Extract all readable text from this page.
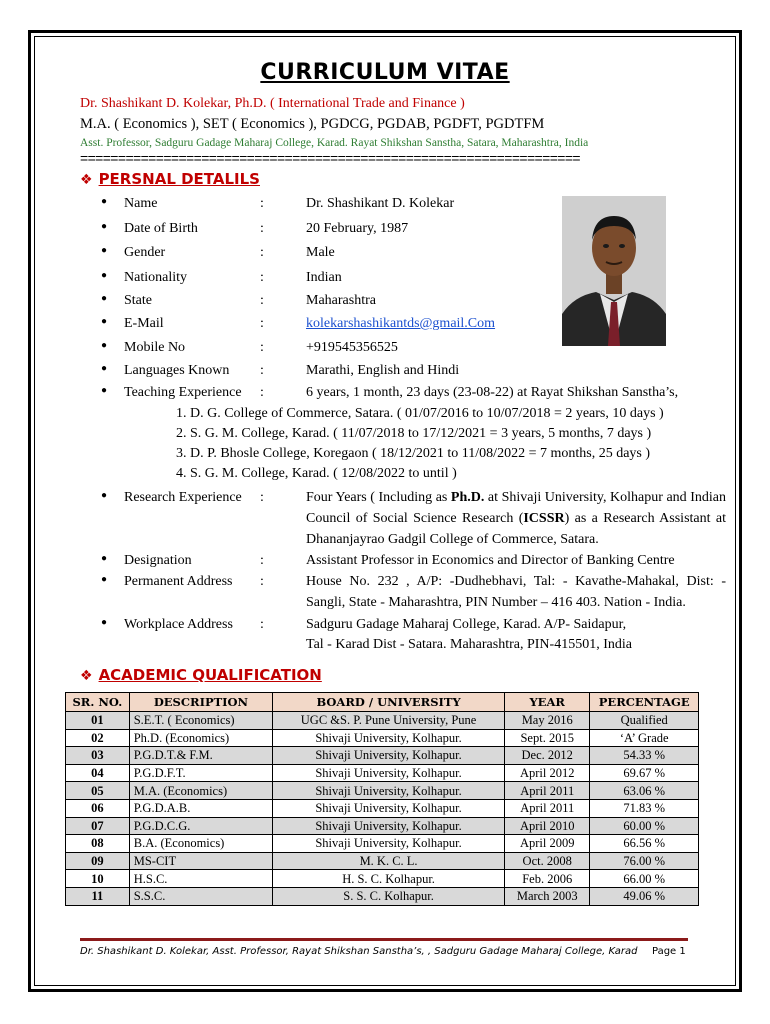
CURRICULUM VITAE
Dr. Shashikant D. Kolekar, Ph.D. ( International Trade and Finance )
M.A. ( Economics ), SET ( Economics ), PGDCG, PGDAB, PGDFT, PGDTFM
Asst. Professor, Sadguru Gadage Maharaj College, Karad. Rayat Shikshan Sanstha, Satara, Maharashtra, India
==================================================================
❖ PERSNAL DETALILS
● Name	:	Dr. Shashikant D. Kolekar
● Date of Birth	:	20 February, 1987
● Gender	:	Male
● Nationality	:	Indian
● State	:	Maharashtra
● E-Mail	:	kolekarshashikantds@gmail.Com
● Mobile No	:	+919545356525
● Languages Known :	Marathi, English and Hindi
● Teaching Experience :	6 years, 1 month, 23 days (23-08-22) at Rayat Shikshan Sanstha’s,
1. D. G. College of Commerce, Satara. ( 01/07/2016 to 10/07/2018 = 2 years, 10 days )
2. S. G. M. College, Karad. ( 11/07/2018 to 17/12/2021 = 3 years, 5 months, 7 days )
3. D. P. Bhosle College, Koregaon ( 18/12/2021 to 11/08/2022 = 7 months, 25 days )
4. S. G. M. College, Karad. ( 12/08/2022 to until )
● Research Experience :	Four Years ( Including as Ph.D. at Shivaji University, Kolhapur and Indian Council of Social Science Research (ICSSR) as a Research Assistant at Dhananjayrao Gadgil College of Commerce, Satara.
● Designation	:	Assistant Professor in Economics and Director of Banking Centre
● Permanent Address :	House No. 232 , A/P: -Dudhebhavi, Tal: - Kavathe-Mahakal, Dist: - Sangli, State - Maharashtra, PIN Number – 416 403. Nation - India.
● Workplace Address :	Sadguru Gadage Maharaj College, Karad. A/P- Saidapur,
Tal - Karad Dist - Satara. Maharashtra, PIN-415501, India
❖ ACADEMIC QUALIFICATION
SR. NO.	DESCRIPTION	BOARD / UNIVERSITY	YEAR	PERCENTAGE
01	S.E.T. ( Economics)	UGC &S. P. Pune University, Pune	May 2016	Qualified
02	Ph.D. (Economics)	Shivaji University, Kolhapur.	Sept. 2015	‘A’ Grade
03	P.G.D.T.& F.M.	Shivaji University, Kolhapur.	Dec. 2012	54.33 %
04	P.G.D.F.T.	Shivaji University, Kolhapur.	April 2012	69.67 %
05	M.A. (Economics)	Shivaji University, Kolhapur.	April 2011	63.06 %
06	P.G.D.A.B.	Shivaji University, Kolhapur.	April 2011	71.83 %
07	P.G.D.C.G.	Shivaji University, Kolhapur.	April 2010	60.00 %
08	B.A. (Economics)	Shivaji University, Kolhapur.	April 2009	66.56 %
09	MS-CIT	M. K. C. L.	Oct. 2008	76.00 %
10	H.S.C.	H. S. C. Kolhapur.	Feb. 2006	66.00 %
11	S.S.C.	S. S. C. Kolhapur.	March 2003	49.06 %
Dr. Shashikant D. Kolekar, Asst. Professor, Rayat Shikshan Sanstha’s, , Sadguru Gadage Maharaj College, Karad Page 1
